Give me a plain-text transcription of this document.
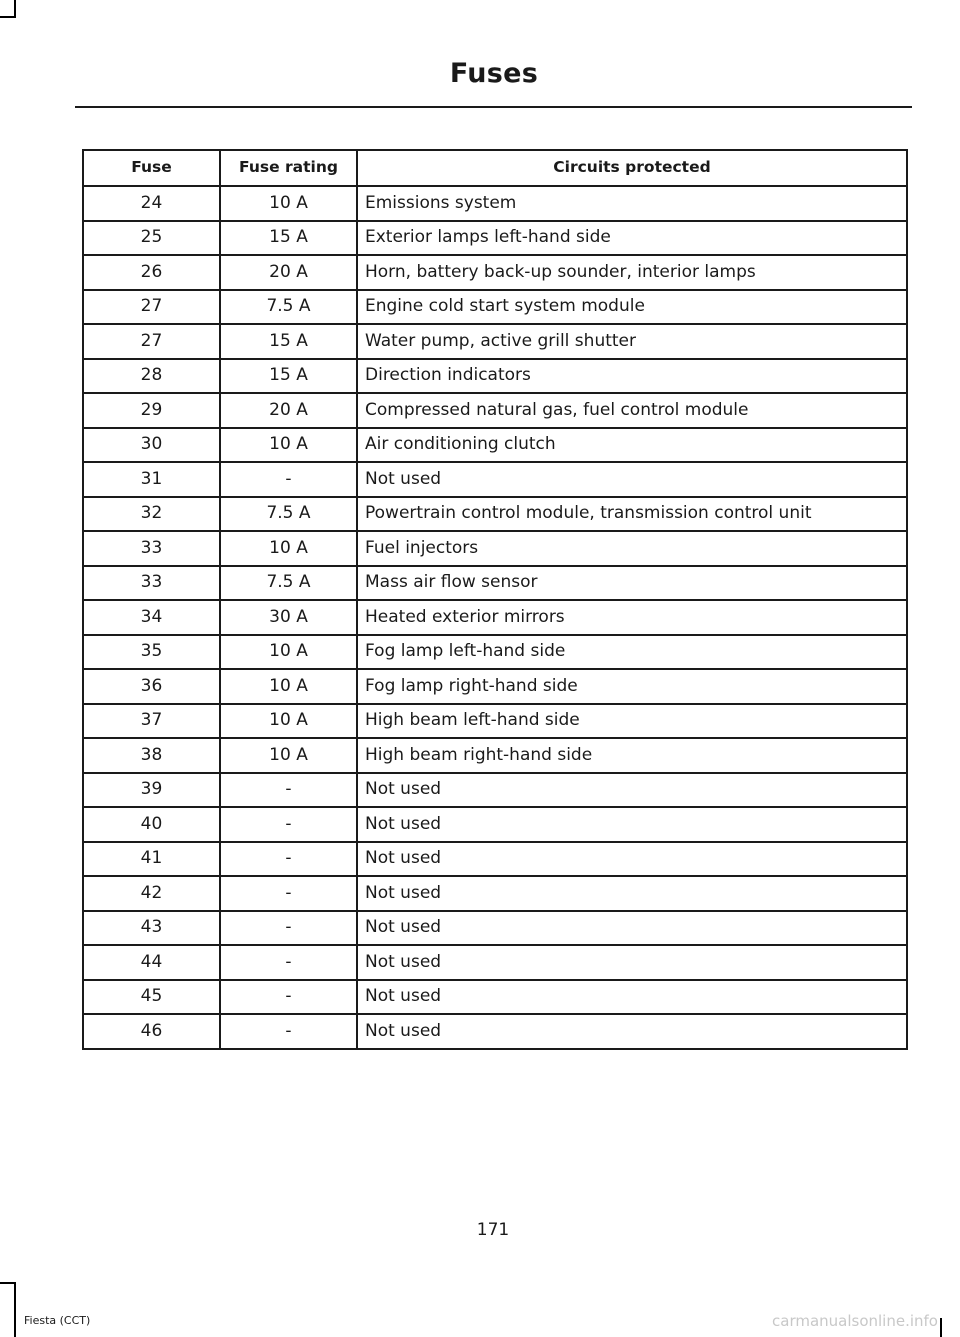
Fuses
Fuse	Fuse rating	Circuits protected
24	10 A	Emissions system
25	15 A	Exterior lamps left-hand side
26	20 A	Horn, battery back-up sounder, interior lamps
27	7.5 A	Engine cold start system module
27	15 A	Water pump, active grill shutter
28	15 A	Direction indicators
29	20 A	Compressed natural gas, fuel control module
30	10 A	Air conditioning clutch
31	-	Not used
32	7.5 A	Powertrain control module, transmission control unit
33	10 A	Fuel injectors
33	7.5 A	Mass air flow sensor
34	30 A	Heated exterior mirrors
35	10 A	Fog lamp left-hand side
36	10 A	Fog lamp right-hand side
37	10 A	High beam left-hand side
38	10 A	High beam right-hand side
39	-	Not used
40	-	Not used
41	-	Not used
42	-	Not used
43	-	Not used
44	-	Not used
45	-	Not used
46	-	Not used
171
Fiesta (CCT)	carmanualsonline.info
